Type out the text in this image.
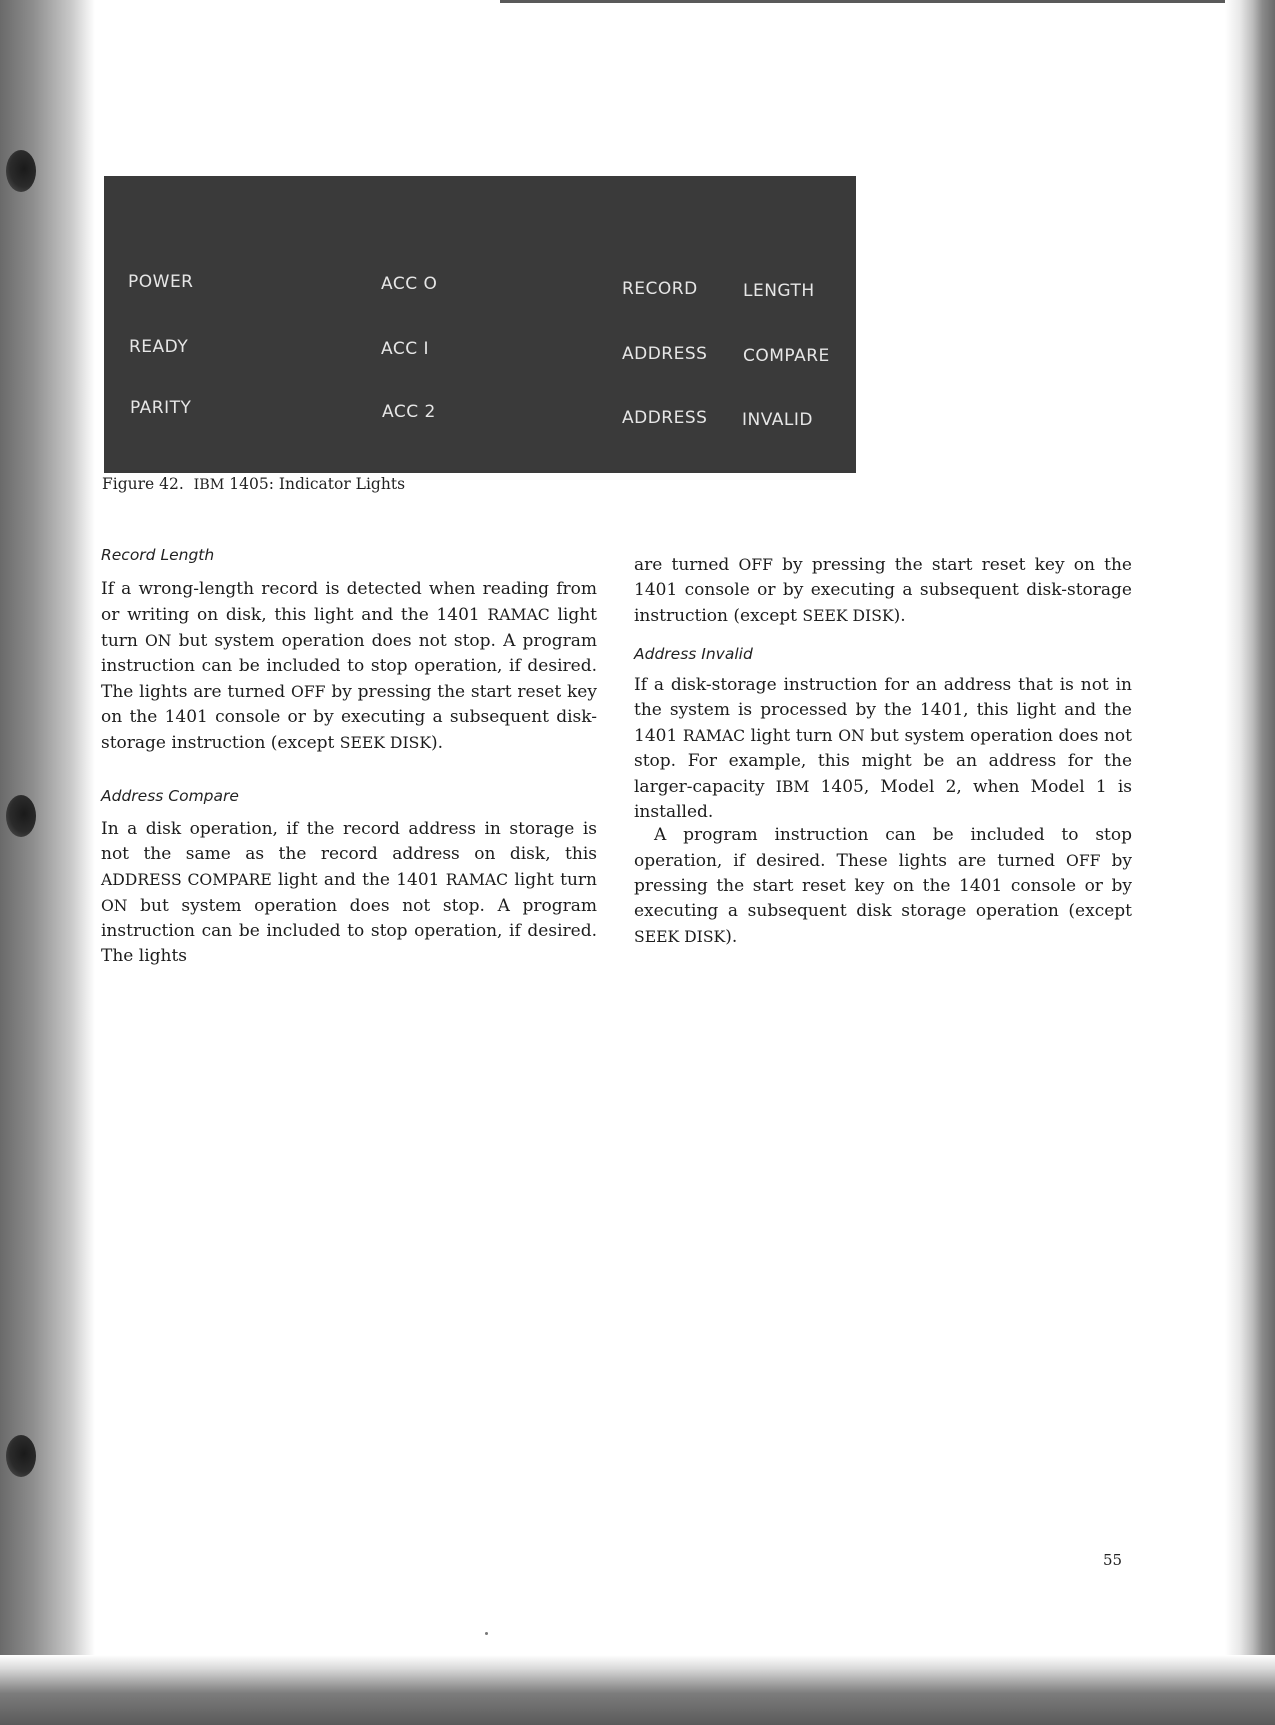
POWER
READY
PARITY
ACC O
ACC I
ACC 2
RECORD
ADDRESS
ADDRESS
LENGTH
COMPARE
INVALID
Figure 42. IBM 1405: Indicator Lights
Record Length
If a wrong-length record is detected when reading from or writing on disk, this light and the 1401 RAMAC light turn ON but system operation does not stop. A program instruction can be included to stop operation, if desired. The lights are turned OFF by pressing the start reset key on the 1401 console or by executing a subsequent disk-storage instruction (except SEEK DISK).
Address Compare
In a disk operation, if the record address in storage is not the same as the record address on disk, this ADDRESS COMPARE light and the 1401 RAMAC light turn ON but system operation does not stop. A program instruction can be included to stop operation, if desired. The lights
are turned OFF by pressing the start reset key on the 1401 console or by executing a subsequent disk-storage instruction (except SEEK DISK).
Address Invalid
If a disk-storage instruction for an address that is not in the system is processed by the 1401, this light and the 1401 RAMAC light turn ON but system operation does not stop. For example, this might be an address for the larger-capacity IBM 1405, Model 2, when Model 1 is installed.
A program instruction can be included to stop operation, if desired. These lights are turned OFF by pressing the start reset key on the 1401 console or by executing a subsequent disk storage operation (except SEEK DISK).
55
